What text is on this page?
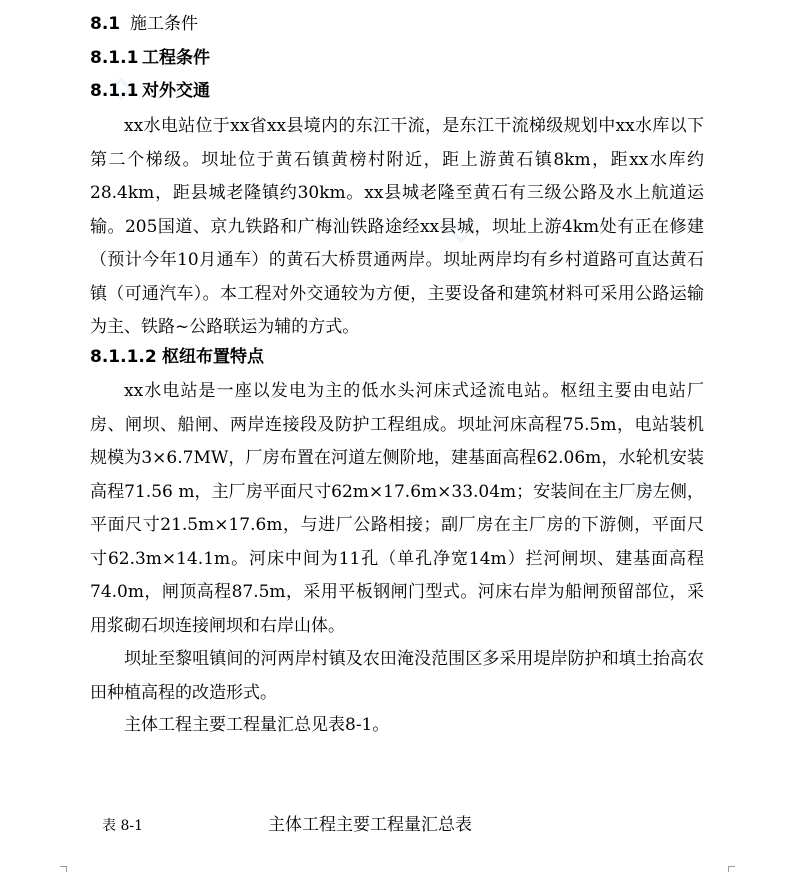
8.1 施工条件
8.1.1 工程条件
8.1.1 对外交通
xx水电站位于xx省xx县境内的东江干流，是东江干流梯级规划中xx水库以下第二个梯级。坝址位于黄石镇黄榜村附近，距上游黄石镇8km，距xx水库约28.4km，距县城老隆镇约30km。xx县城老隆至黄石有三级公路及水上航道运输。205国道、京九铁路和广梅汕铁路途经xx县城，坝址上游4km处有正在修建（预计今年10月通车）的黄石大桥贯通两岸。坝址两岸均有乡村道路可直达黄石镇（可通汽车）。本工程对外交通较为方便，主要设备和建筑材料可采用公路运输为主、铁路~公路联运为辅的方式。
8.1.1.2 枢纽布置特点
xx水电站是一座以发电为主的低水头河床式迳流电站。枢纽主要由电站厂房、闸坝、船闸、两岸连接段及防护工程组成。坝址河床高程75.5m，电站装机规模为3×6.7MW，厂房布置在河道左侧阶地，建基面高程62.06m，水轮机安装高程71.56 m，主厂房平面尺寸62m×17.6m×33.04m；安装间在主厂房左侧，平面尺寸21.5m×17.6m，与进厂公路相接；副厂房在主厂房的下游侧，平面尺寸62.3m×14.1m。河床中间为11孔（单孔净宽14m）拦河闸坝、建基面高程 74.0m，闸顶高程87.5m，采用平板钢闸门型式。河床右岸为船闸预留部位，采用浆砌石坝连接闸坝和右岸山体。
坝址至黎咀镇间的河两岸村镇及农田淹没范围区多采用堤岸防护和填土抬高农田种植高程的改造形式。
主体工程主要工程量汇总见表8-1。
表 8-1	主体工程主要工程量汇总表
